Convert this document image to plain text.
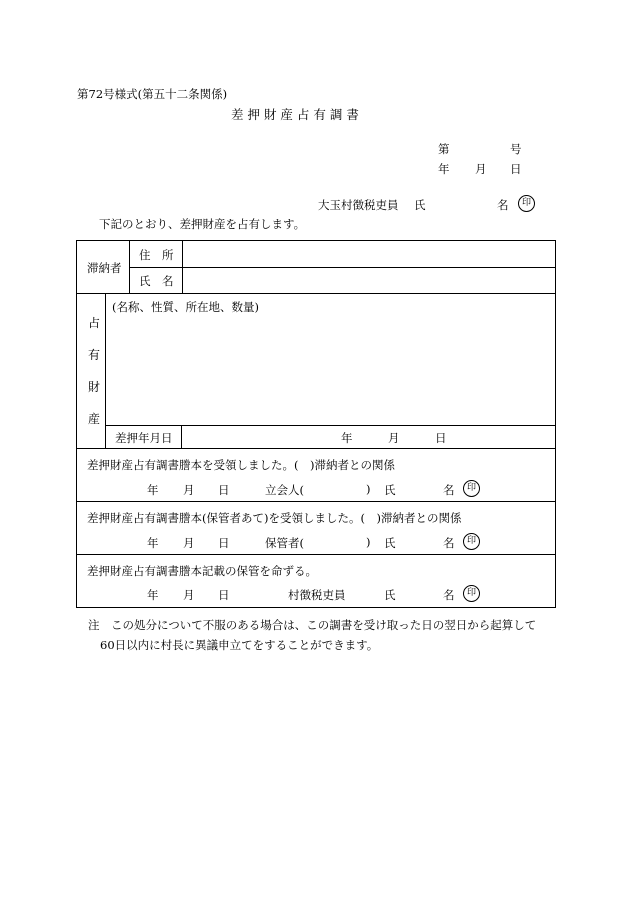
第72号様式(第五十二条関係)
差 押 財 産 占 有 調 書
第	号
年 月 日
大玉村徴税吏員 氏	名	印
下記のとおり、差押財産を占有します。
滞納者
住　所
氏　名
占
有
財
産
(名称、性質、所在地、数量)
差押年月日	年	月	日
差押財産占有調書謄本を受領しました。(　)滞納者との関係
年 月 日	立会人(	) 氏	名	印
差押財産占有調書謄本(保管者あて)を受領しました。(　)滞納者との関係
年 月 日	保管者(	) 氏	名	印
差押財産占有調書謄本記載の保管を命ずる。
年 月 日	村徴税吏員	氏	名	印
注　この処分について不服のある場合は、この調書を受け取った日の翌日から起算して
60日以内に村長に異議申立てをすることができます。
